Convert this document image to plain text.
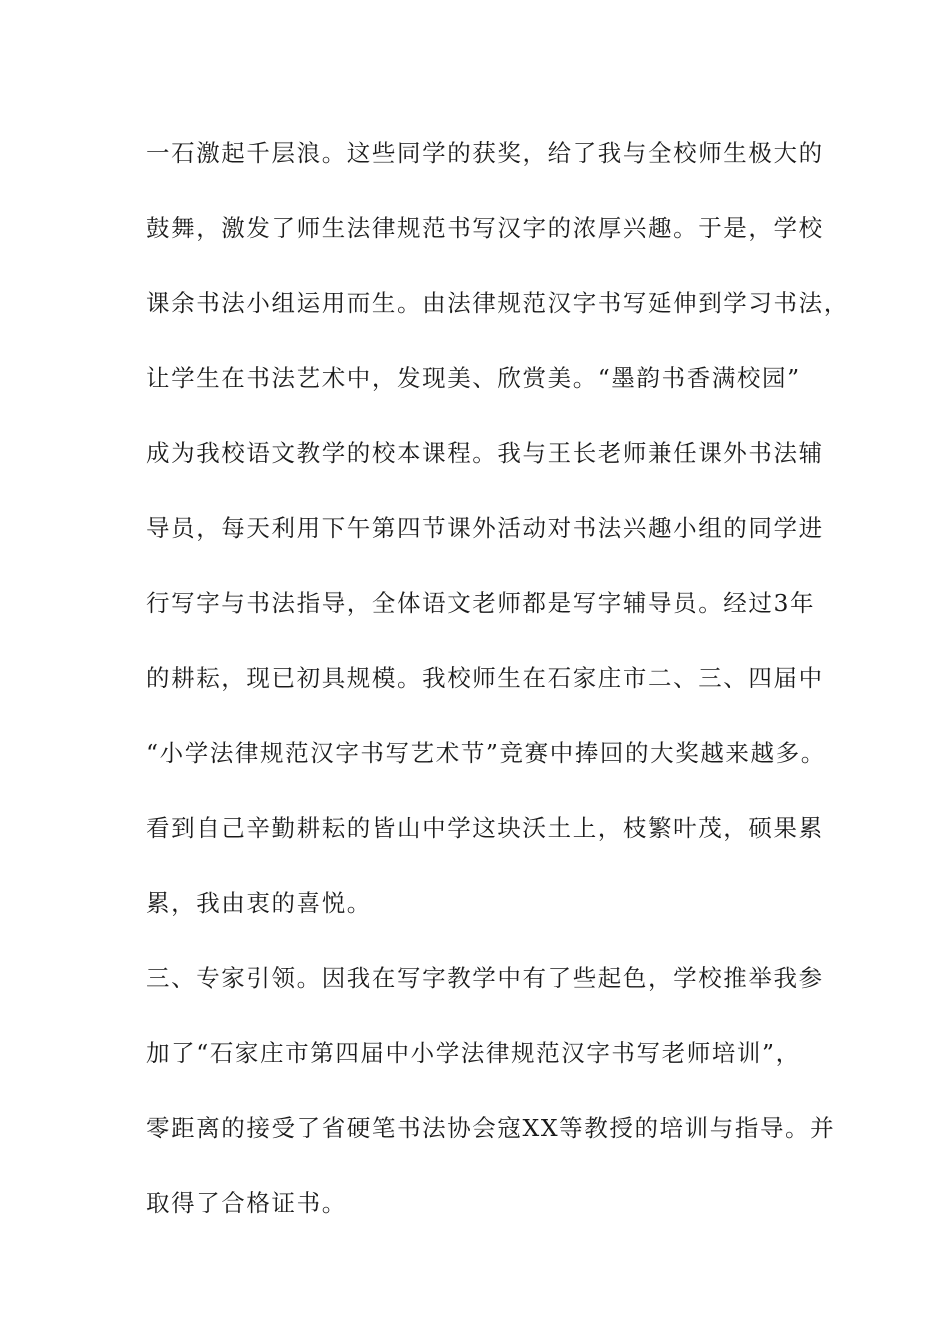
一石激起千层浪。这些同学的获奖，给了我与全校师生极大的

鼓舞，激发了师生法律规范书写汉字的浓厚兴趣。于是，学校

课余书法小组运用而生。由法律规范汉字书写延伸到学习书法，

让学生在书法艺术中，发现美、欣赏美。“墨韵书香满校园”

成为我校语文教学的校本课程。我与王长老师兼任课外书法辅

导员，每天利用下午第四节课外活动对书法兴趣小组的同学进

行写字与书法指导，全体语文老师都是写字辅导员。经过3年

的耕耘，现已初具规模。我校师生在石家庄市二、三、四届中

“小学法律规范汉字书写艺术节”竞赛中捧回的大奖越来越多。

看到自己辛勤耕耘的皆山中学这块沃土上，枝繁叶茂，硕果累

累，我由衷的喜悦。

三、专家引领。因我在写字教学中有了些起色，学校推举我参

加了“石家庄市第四届中小学法律规范汉字书写老师培训”，

零距离的接受了省硬笔书法协会寇XX等教授的培训与指导。并

取得了合格证书。
